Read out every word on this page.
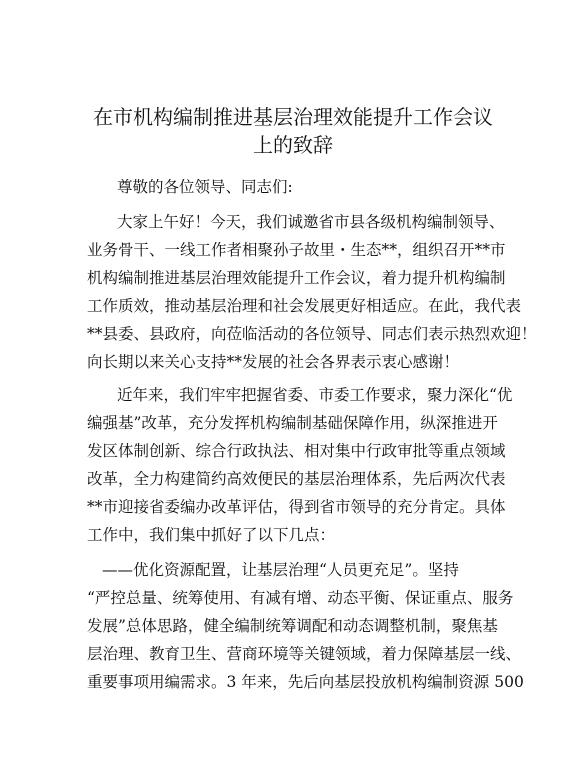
在市机构编制推进基层治理效能提升工作会议
上的致辞

尊敬的各位领导、同志们:

大家上午好！今天，我们诚邀省市县各级机构编制领导、

业务骨干、一线工作者相聚孙子故里・生态**，组织召开**市

机构编制推进基层治理效能提升工作会议，着力提升机构编制

工作质效，推动基层治理和社会发展更好相适应。在此，我代表

**县委、县政府，向莅临活动的各位领导、同志们表示热烈欢迎！

向长期以来关心支持**发展的社会各界表示衷心感谢！

近年来，我们牢牢把握省委、市委工作要求，聚力深化“优

编强基”改革，充分发挥机构编制基础保障作用，纵深推进开

发区体制创新、综合行政执法、相对集中行政审批等重点领域

改革，全力构建简约高效便民的基层治理体系，先后两次代表

**市迎接省委编办改革评估，得到省市领导的充分肯定。具体

工作中，我们集中抓好了以下几点：

——优化资源配置，让基层治理“人员更充足”。坚持

“严控总量、统筹使用、有减有增、动态平衡、保证重点、服务

发展”总体思路，健全编制统筹调配和动态调整机制，聚焦基

层治理、教育卫生、营商环境等关键领域，着力保障基层一线、

重要事项用编需求。3 年来，先后向基层投放机构编制资源 500
